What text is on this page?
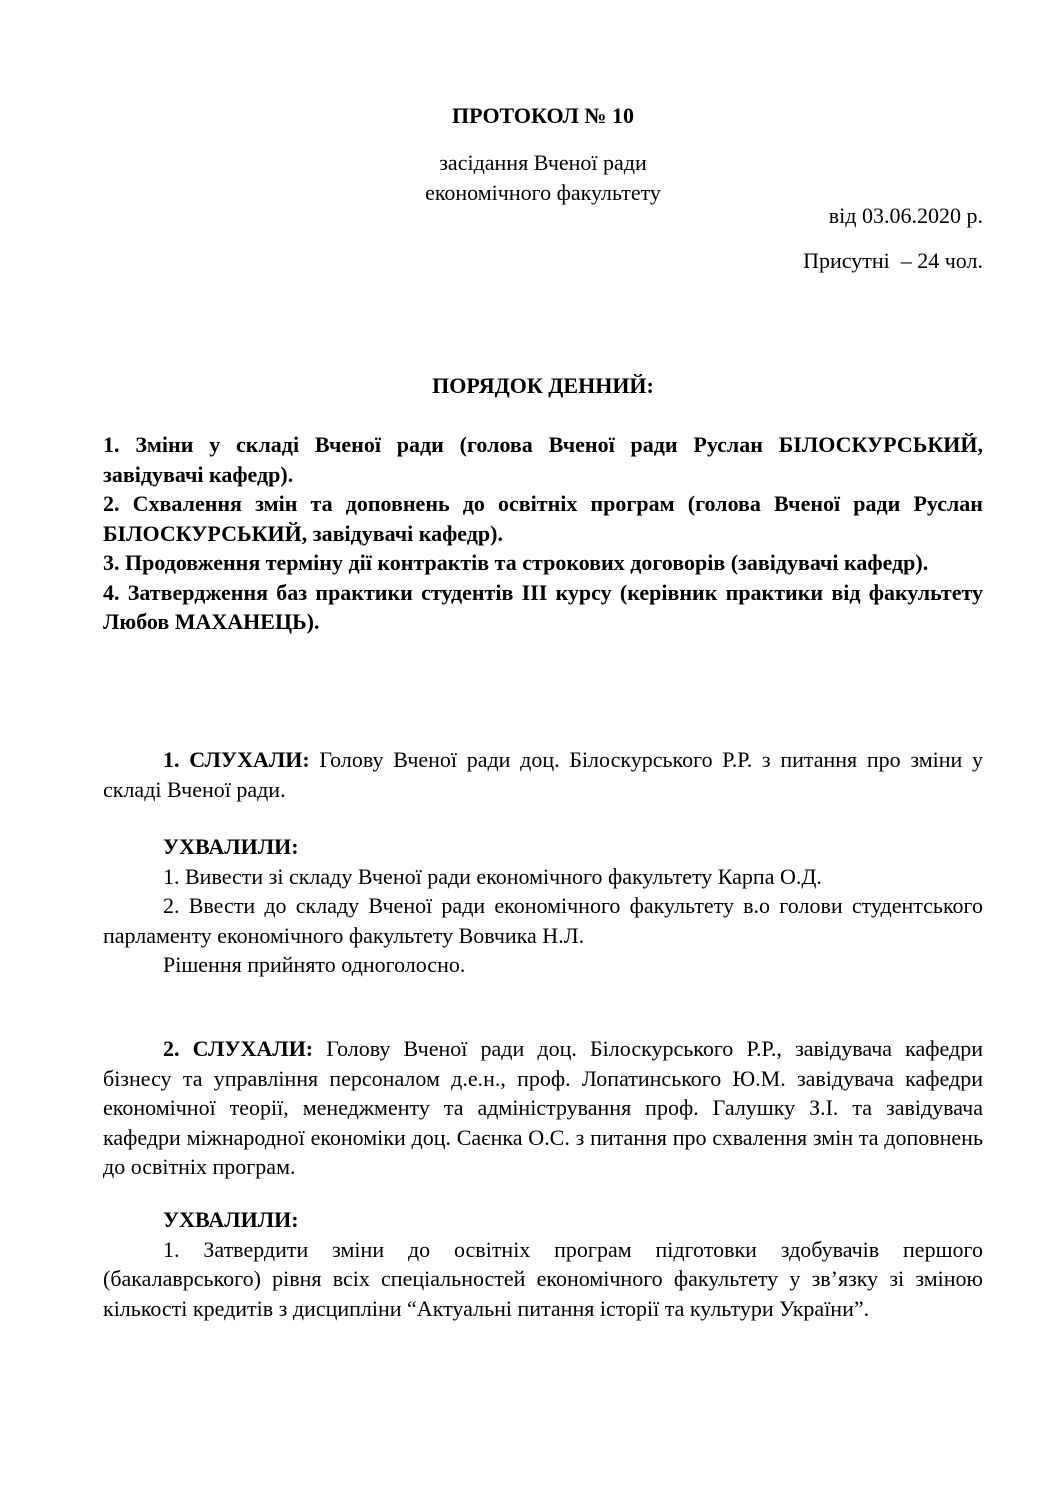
ПРОТОКОЛ № 10
засідання Вченої ради
економічного факультету
від 03.06.2020 р.
Присутні  – 24 чол.
ПОРЯДОК ДЕННИЙ:

1. Зміни у складі Вченої ради (голова Вченої ради Руслан БІЛОСКУРСЬКИЙ, завідувачі кафедр).

2. Схвалення змін та доповнень до освітніх програм (голова Вченої ради Руслан БІЛОСКУРСЬКИЙ, завідувачі кафедр).

3. Продовження терміну дії контрактів та строкових договорів (завідувачі кафедр).

4. Затвердження баз практики студентів ІІІ курсу (керівник практики від факультету Любов МАХАНЕЦЬ).

1. СЛУХАЛИ: Голову Вченої ради доц. Білоскурського Р.Р. з питання про зміни у складі Вченої ради.

УХВАЛИЛИ:

1. Вивести зі складу Вченої ради економічного факультету Карпа О.Д.

2. Ввести до складу Вченої ради економічного факультету в.о голови студентського парламенту економічного факультету Вовчика Н.Л.

Рішення прийнято одноголосно.

2. СЛУХАЛИ: Голову Вченої ради доц. Білоскурського Р.Р., завідувача кафедри бізнесу та управління персоналом д.е.н., проф. Лопатинського Ю.М. завідувача кафедри економічної теорії, менеджменту та адміністрування проф. Галушку З.І. та завідувача кафедри міжнародної економіки доц. Саєнка О.С. з питання про схвалення змін та доповнень до освітніх програм.

УХВАЛИЛИ:

1. Затвердити зміни до освітніх програм підготовки здобувачів першого (бакалаврського) рівня всіх спеціальностей економічного факультету у зв’язку зі зміною кількості кредитів з дисципліни “Актуальні питання історії та культури України”.
